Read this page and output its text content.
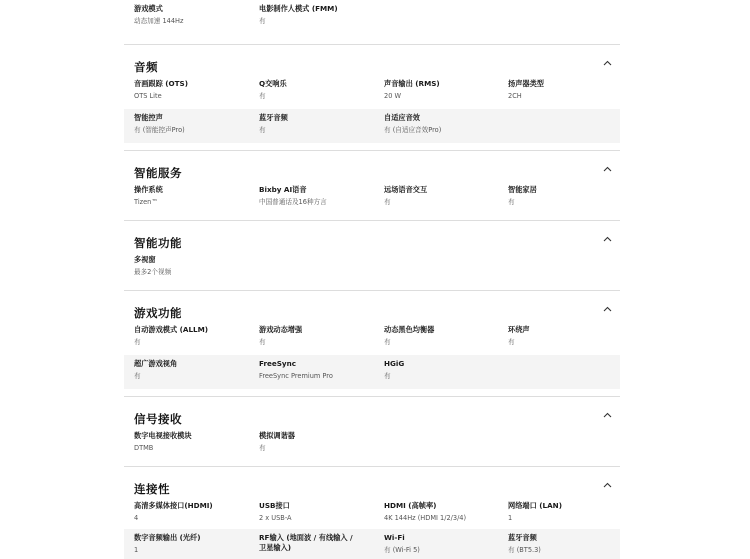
游戏模式
动态加速 144Hz
电影制作人模式 (FMM)
有
音频
音画跟踪 (OTS)
OTS Lite
Q交响乐
有
声音输出 (RMS)
20 W
扬声器类型
2CH
智能控声
有 (智能控声Pro)
蓝牙音频
有
自适应音效
有 (自适应音效Pro)
智能服务
操作系统
Tizen™
Bixby AI语音
中国普通话及16种方言
远场语音交互
有
智能家居
有
智能功能
多视窗
最多2个视频
游戏功能
自动游戏模式 (ALLM)
有
游戏动态增强
有
动态黑色均衡器
有
环绕声
有
超广游戏视角
有
FreeSync
FreeSync Premium Pro
HGiG
有
信号接收
数字电视接收模块
DTMB
模拟调谐器
有
连接性
高清多媒体接口(HDMI)
4
USB接口
2 x USB-A
HDMI (高帧率)
4K 144Hz (HDMI 1/2/3/4)
网络端口 (LAN)
1
数字音频输出 (光纤)
1
RF输入 (地面波 / 有线输入 / 卫星输入)
Wi-Fi
有 (Wi-Fi 5)
蓝牙音频
有 (BT5.3)
